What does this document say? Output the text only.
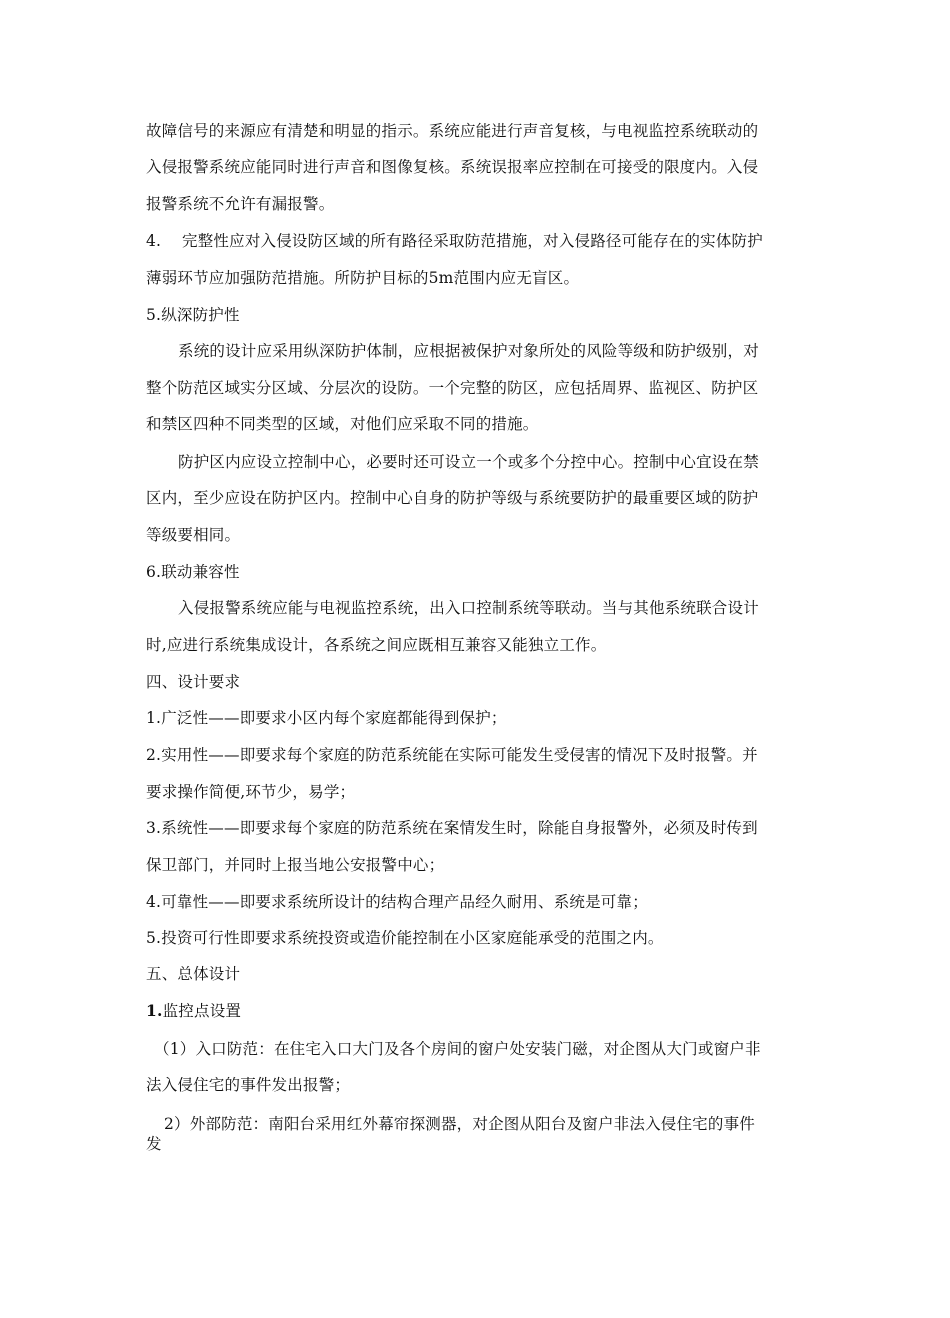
故障信号的来源应有清楚和明显的指示。系统应能进行声音复核，与电视监控系统联动的
入侵报警系统应能同时进行声音和图像复核。系统误报率应控制在可接受的限度内。入侵
报警系统不允许有漏报警。
4.　 完整性应对入侵设防区域的所有路径采取防范措施，对入侵路径可能存在的实体防护
薄弱环节应加强防范措施。所防护目标的5m范围内应无盲区。
5.纵深防护性
系统的设计应采用纵深防护体制，应根据被保护对象所处的风险等级和防护级别，对
整个防范区域实分区域、分层次的设防。一个完整的防区，应包括周界、监视区、防护区
和禁区四种不同类型的区域，对他们应采取不同的措施。
防护区内应设立控制中心，必要时还可设立一个或多个分控中心。控制中心宜设在禁
区内，至少应设在防护区内。控制中心自身的防护等级与系统要防护的最重要区域的防护
等级要相同。
6.联动兼容性
入侵报警系统应能与电视监控系统，出入口控制系统等联动。当与其他系统联合设计
时,应进行系统集成设计，各系统之间应既相互兼容又能独立工作。
四、设计要求
1.广泛性——即要求小区内每个家庭都能得到保护；
2.实用性——即要求每个家庭的防范系统能在实际可能发生受侵害的情况下及时报警。并
要求操作简便,环节少，易学；
3.系统性——即要求每个家庭的防范系统在案情发生时，除能自身报警外，必须及时传到
保卫部门，并同时上报当地公安报警中心；
4.可靠性——即要求系统所设计的结构合理产品经久耐用、系统是可靠；
5.投资可行性即要求系统投资或造价能控制在小区家庭能承受的范围之内。
五、总体设计
1.监控点设置
（1）入口防范：在住宅入口大门及各个房间的窗户处安装门磁，对企图从大门或窗户非
法入侵住宅的事件发出报警；
2）外部防范：南阳台采用红外幕帘探测器，对企图从阳台及窗户非法入侵住宅的事件
发
